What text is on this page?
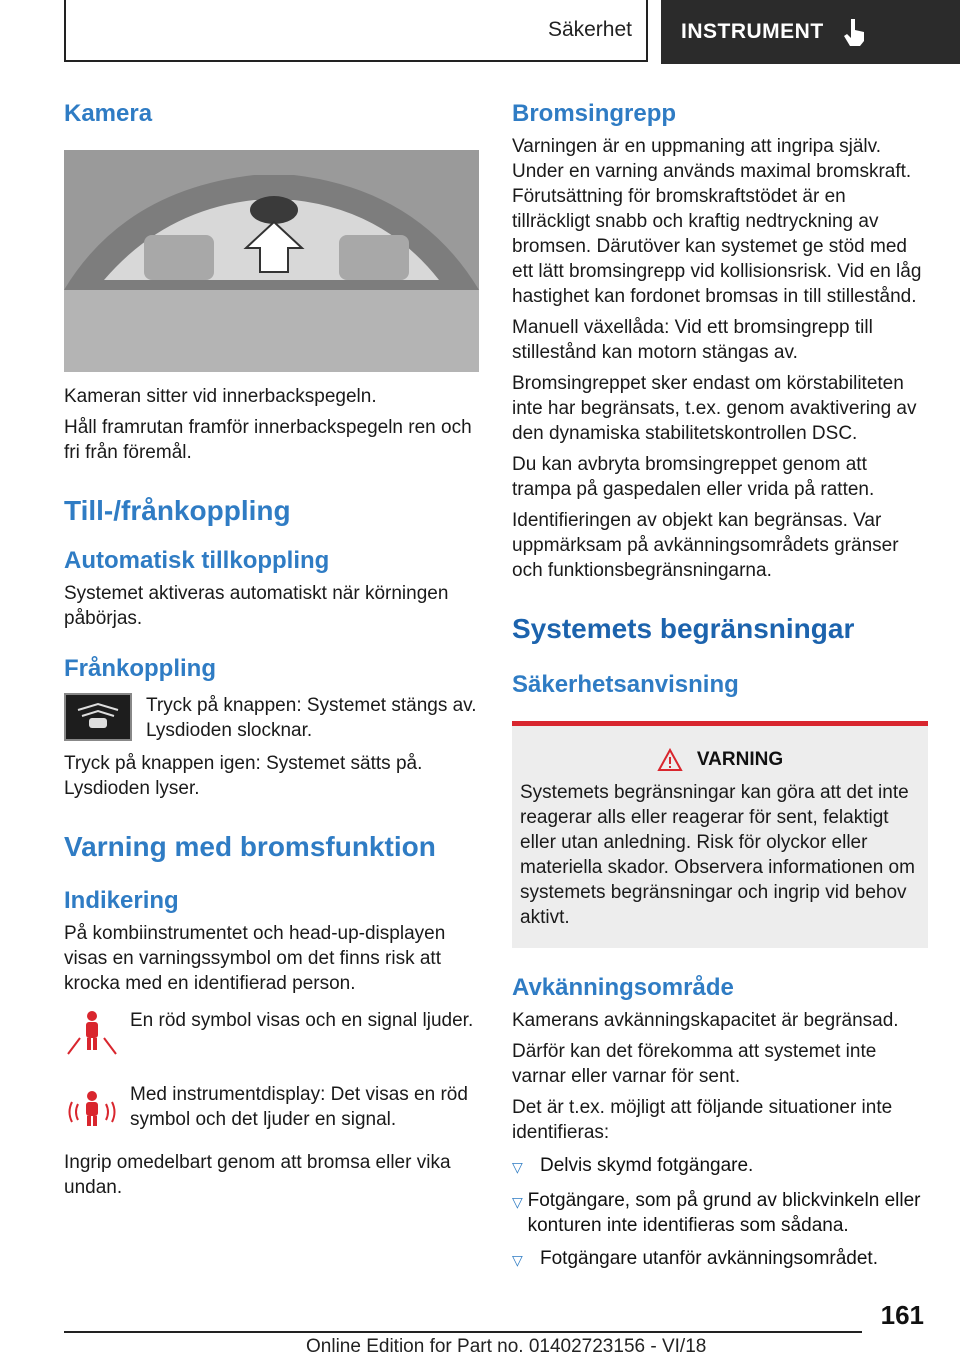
Säkerhet INSTRUMENT
Kamera

Kameran sitter vid innerbackspegeln.

Håll framrutan framför innerbackspegeln ren och fri från föremål.

Till-/frånkoppling
Automatisk tillkoppling

Systemet aktiveras automatiskt när körningen påbörjas.

Frånkoppling

Tryck på knappen: Systemet stängs av. Lysdioden slocknar.

Tryck på knappen igen: Systemet sätts på. Lysdioden lyser.

Varning med bromsfunktion
Indikering

På kombiinstrumentet och head-up-displayen visas en varningssymbol om det finns risk att krocka med en identifierad person.

En röd symbol visas och en signal ljuder.

Med instrumentdisplay: Det visas en röd symbol och det ljuder en signal.

Ingrip omedelbart genom att bromsa eller vika undan.

Bromsingrepp

Varningen är en uppmaning att ingripa själv. Under en varning används maximal bromskraft. Förutsättning för bromskraftstödet är en tillräckligt snabb och kraftig nedtryckning av bromsen. Därutöver kan systemet ge stöd med ett lätt bromsingrepp vid kollisionsrisk. Vid en låg hastighet kan fordonet bromsas in till stillestånd.

Manuell växellåda: Vid ett bromsingrepp till stillestånd kan motorn stängas av.

Bromsingreppet sker endast om körstabiliteten inte har begränsats, t.ex. genom avaktivering av den dynamiska stabilitetskontrollen DSC.

Du kan avbryta bromsingreppet genom att trampa på gaspedalen eller vrida på ratten.

Identifieringen av objekt kan begränsas. Var uppmärksam på avkänningsområdets gränser och funktionsbegränsningarna.

Systemets begränsningar
Säkerhetsanvisning
VARNING

Systemets begränsningar kan göra att det inte reagerar alls eller reagerar för sent, felaktigt eller utan anledning. Risk för olyckor eller materiella skador. Observera informationen om systemets begränsningar och ingrip vid behov aktivt.

Avkänningsområde

Kamerans avkänningskapacitet är begränsad.

Därför kan det förekomma att systemet inte varnar eller varnar för sent.

Det är t.ex. möjligt att följande situationer inte identifieras:

▽ Delvis skymd fotgängare.
▽ Fotgängare, som på grund av blickvinkeln eller konturen inte identifieras som sådana.
▽ Fotgängare utanför avkänningsområdet.
161
Online Edition for Part no. 01402723156 - VI/18
